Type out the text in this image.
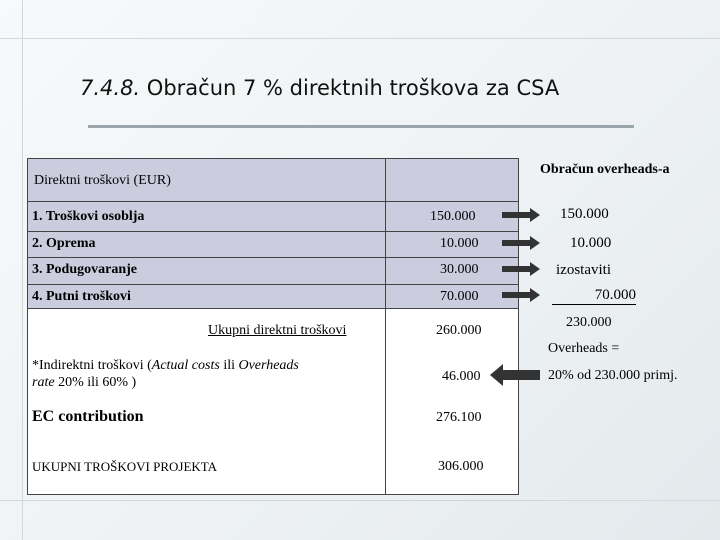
7.4.8. Obračun 7 % direktnih troškova za CSA
Direktni troškovi (EUR)
1. Troškovi osoblja	150.000
2. Oprema	10.000
3. Podugovaranje	30.000
4. Putni troškovi	70.000
Ukupni direktni troškovi	260.000
*Indirektni troškovi (Actual costs ili Overheads
rate 20% ili 60% )	46.000
EC contribution	276.100
UKUPNI TROŠKOVI PROJEKTA	306.000
Obračun overheads-a
150.000
10.000
izostaviti
70.000
230.000
Overheads =
20% od 230.000 primj.
